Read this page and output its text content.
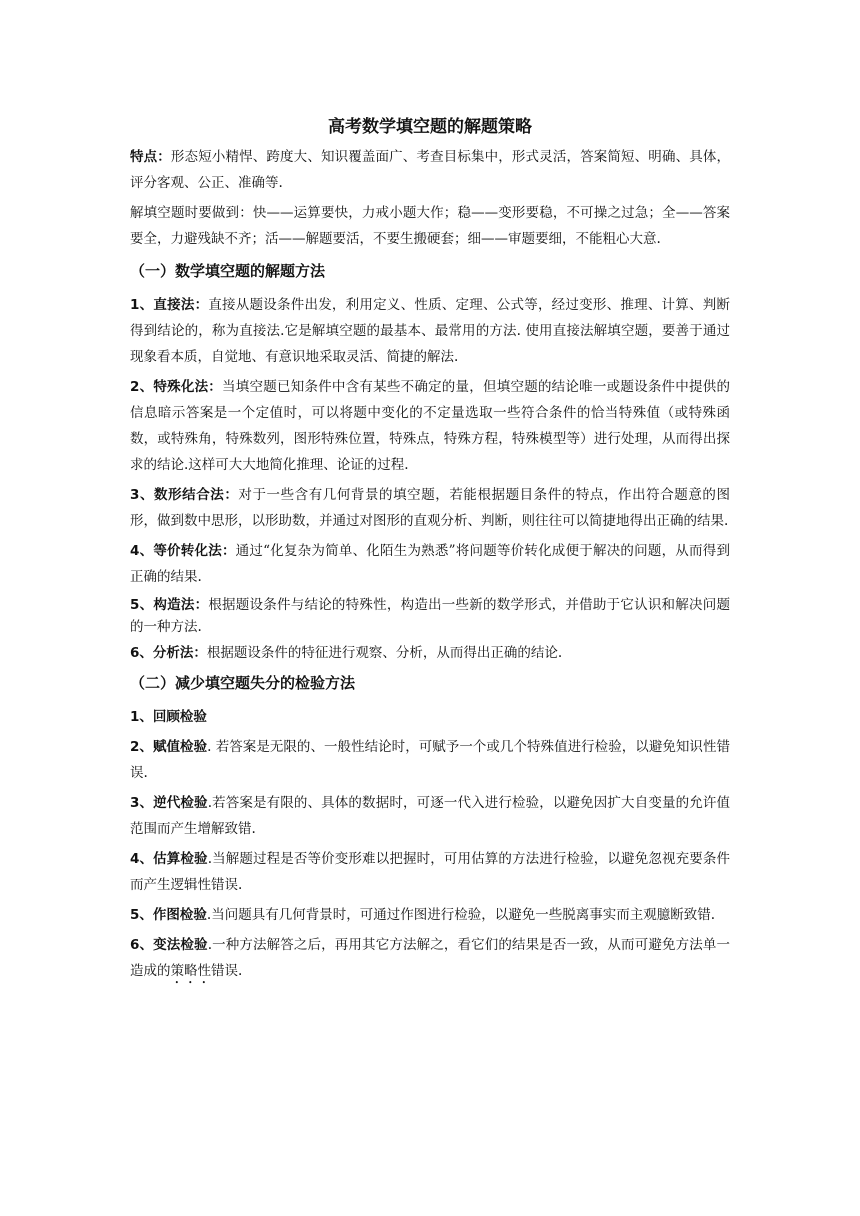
高考数学填空题的解题策略

特点：形态短小精悍、跨度大、知识覆盖面广、考查目标集中，形式灵活，答案简短、明确、具体，评分客观、公正、准确等.

解填空题时要做到：快——运算要快，力戒小题大作；稳——变形要稳，不可操之过急；全——答案要全，力避残缺不齐；活——解题要活，不要生搬硬套；细——审题要细，不能粗心大意.

（一）数学填空题的解题方法

1、直接法：直接从题设条件出发，利用定义、性质、定理、公式等，经过变形、推理、计算、判断得到结论的，称为直接法.它是解填空题的最基本、最常用的方法. 使用直接法解填空题，要善于通过现象看本质，自觉地、有意识地采取灵活、简捷的解法.

2、特殊化法：当填空题已知条件中含有某些不确定的量，但填空题的结论唯一或题设条件中提供的信息暗示答案是一个定值时，可以将题中变化的不定量选取一些符合条件的恰当特殊值（或特殊函数，或特殊角，特殊数列，图形特殊位置，特殊点，特殊方程，特殊模型等）进行处理，从而得出探求的结论.这样可大大地简化推理、论证的过程.

3、数形结合法：对于一些含有几何背景的填空题，若能根据题目条件的特点，作出符合题意的图形，做到数中思形，以形助数，并通过对图形的直观分析、判断，则往往可以简捷地得出正确的结果.

4、等价转化法：通过“化复杂为简单、化陌生为熟悉”将问题等价转化成便于解决的问题，从而得到正确的结果.

5、构造法：根据题设条件与结论的特殊性，构造出一些新的数学形式，并借助于它认识和解决问题的一种方法.

6、分析法：根据题设条件的特征进行观察、分析，从而得出正确的结论.

（二）减少填空题失分的检验方法

1、回顾检验

2、赋值检验. 若答案是无限的、一般性结论时，可赋予一个或几个特殊值进行检验，以避免知识性错误.

3、逆代检验.若答案是有限的、具体的数据时，可逐一代入进行检验，以避免因扩大自变量的允许值范围而产生增解致错.

4、估算检验.当解题过程是否等价变形难以把握时，可用估算的方法进行检验，以避免忽视充要条件而产生逻辑性错误.

5、作图检验.当问题具有几何背景时，可通过作图进行检验，以避免一些脱离事实而主观臆断致错.

6、变法检验.一种方法解答之后，再用其它方法解之，看它们的结果是否一致，从而可避免方法单一造成的策略性错误.
